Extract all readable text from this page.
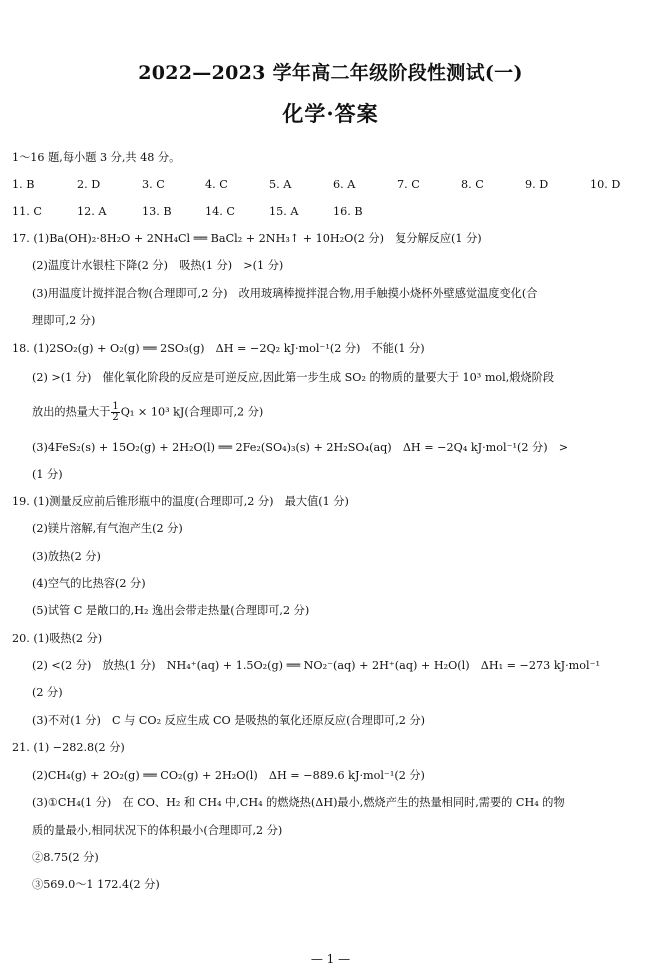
2022—2023 学年高二年级阶段性测试(一)
化学·答案
1～16 题,每小题 3 分,共 48 分。
1. B	2. D	3. C	4. C	5. A	6. A	7. C	8. C	9. D	10. D
11. C	12. A	13. B	14. C	15. A	16. B
17. (1)Ba(OH)₂·8H₂O + 2NH₄Cl ══ BaCl₂ + 2NH₃↑ + 10H₂O(2 分)　复分解反应(1 分)
(2)温度计水银柱下降(2 分)　吸热(1 分)　>(1 分)
(3)用温度计搅拌混合物(合理即可,2 分)　改用玻璃棒搅拌混合物,用手触摸小烧杯外壁感觉温度变化(合
理即可,2 分)
18. (1)2SO₂(g) + O₂(g) ══ 2SO₃(g)　ΔH = −2Q₂ kJ·mol⁻¹(2 分)　不能(1 分)
(2) >(1 分)　催化氧化阶段的反应是可逆反应,因此第一步生成 SO₂ 的物质的量要大于 10³ mol,煅烧阶段
放出的热量大于 $\frac{1}{2} Q_1 \times 10^3$ kJ(合理即可,2 分)
(3)4FeS₂(s) + 15O₂(g) + 2H₂O(l) ══ 2Fe₂(SO₄)₃(s) + 2H₂SO₄(aq)　ΔH = −2Q₄ kJ·mol⁻¹(2 分)　>
(1 分)
19. (1)测量反应前后锥形瓶中的温度(合理即可,2 分)　最大值(1 分)
(2)镁片溶解,有气泡产生(2 分)
(3)放热(2 分)
(4)空气的比热容(2 分)
(5)试管 C 是敞口的,H₂ 逸出会带走热量(合理即可,2 分)
20. (1)吸热(2 分)
(2) <(2 分)　放热(1 分)　NH₄⁺(aq) + 1.5O₂(g) ══ NO₂⁻(aq) + 2H⁺(aq) + H₂O(l)　ΔH₁ = −273 kJ·mol⁻¹
(2 分)
(3)不对(1 分)　C 与 CO₂ 反应生成 CO 是吸热的氧化还原反应(合理即可,2 分)
21. (1) −282.8(2 分)
(2)CH₄(g) + 2O₂(g) ══ CO₂(g) + 2H₂O(l)　ΔH = −889.6 kJ·mol⁻¹(2 分)
(3)①CH₄(1 分)　在 CO、H₂ 和 CH₄ 中,CH₄ 的燃烧热(ΔH)最小,燃烧产生的热量相同时,需要的 CH₄ 的物
质的量最小,相同状况下的体积最小(合理即可,2 分)
②8.75(2 分)
③569.0～1 172.4(2 分)
— 1 —
